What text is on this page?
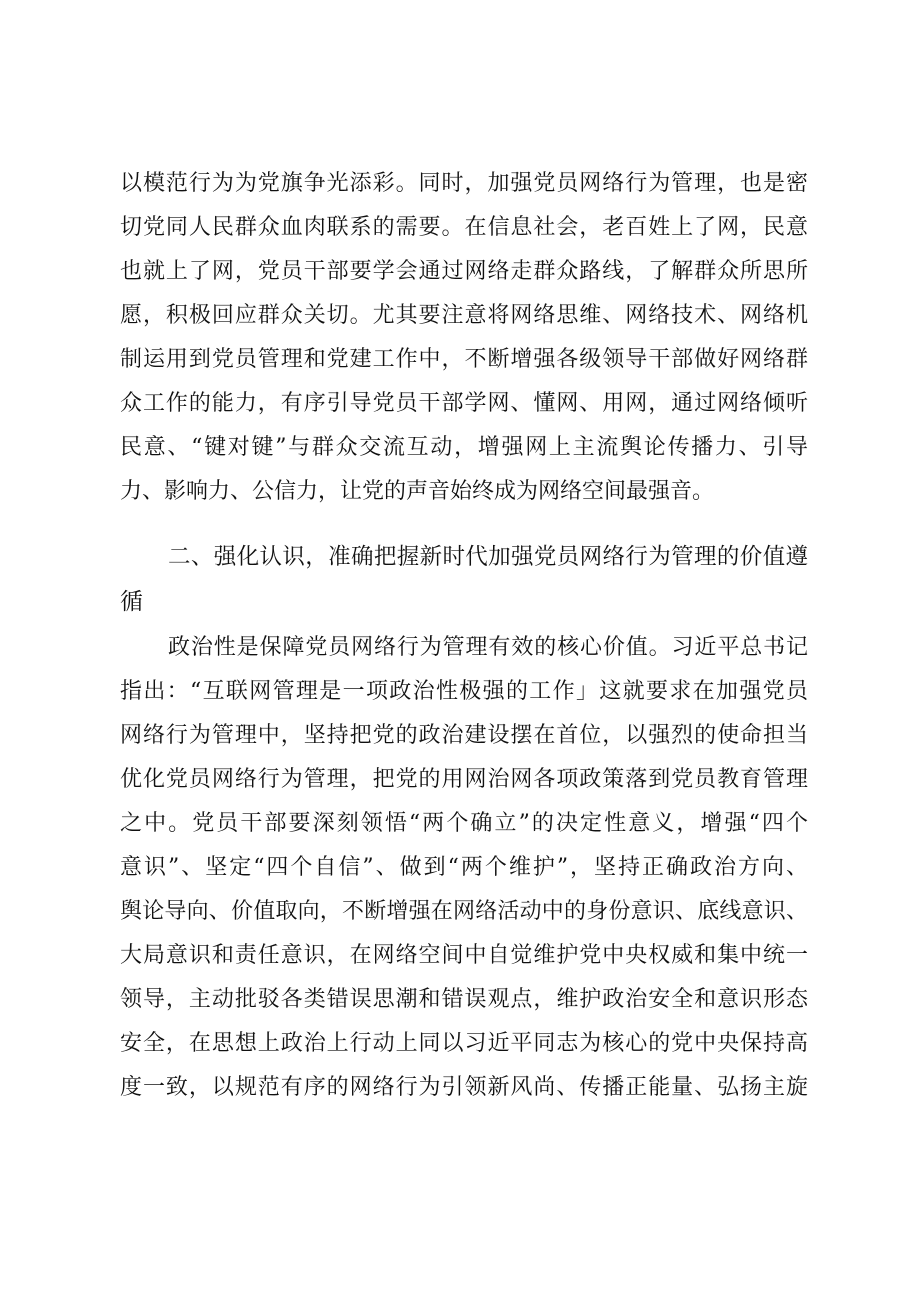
以模范行为为党旗争光添彩。同时，加强党员网络行为管理，也是密
切党同人民群众血肉联系的需要。在信息社会，老百姓上了网，民意
也就上了网，党员干部要学会通过网络走群众路线，了解群众所思所
愿，积极回应群众关切。尤其要注意将网络思维、网络技术、网络机
制运用到党员管理和党建工作中，不断增强各级领导干部做好网络群
众工作的能力，有序引导党员干部学网、懂网、用网，通过网络倾听
民意、“键对键”与群众交流互动，增强网上主流舆论传播力、引导
力、影响力、公信力，让党的声音始终成为网络空间最强音。
二、强化认识，准确把握新时代加强党员网络行为管理的价值遵
循
政治性是保障党员网络行为管理有效的核心价值。习近平总书记
指出：“互联网管理是一项政治性极强的工作」这就要求在加强党员
网络行为管理中，坚持把党的政治建设摆在首位，以强烈的使命担当
优化党员网络行为管理，把党的用网治网各项政策落到党员教育管理
之中。党员干部要深刻领悟“两个确立”的决定性意义，增强“四个
意识”、坚定“四个自信”、做到“两个维护”，坚持正确政治方向、
舆论导向、价值取向，不断增强在网络活动中的身份意识、底线意识、
大局意识和责任意识，在网络空间中自觉维护党中央权威和集中统一
领导，主动批驳各类错误思潮和错误观点，维护政治安全和意识形态
安全，在思想上政治上行动上同以习近平同志为核心的党中央保持高
度一致，以规范有序的网络行为引领新风尚、传播正能量、弘扬主旋
